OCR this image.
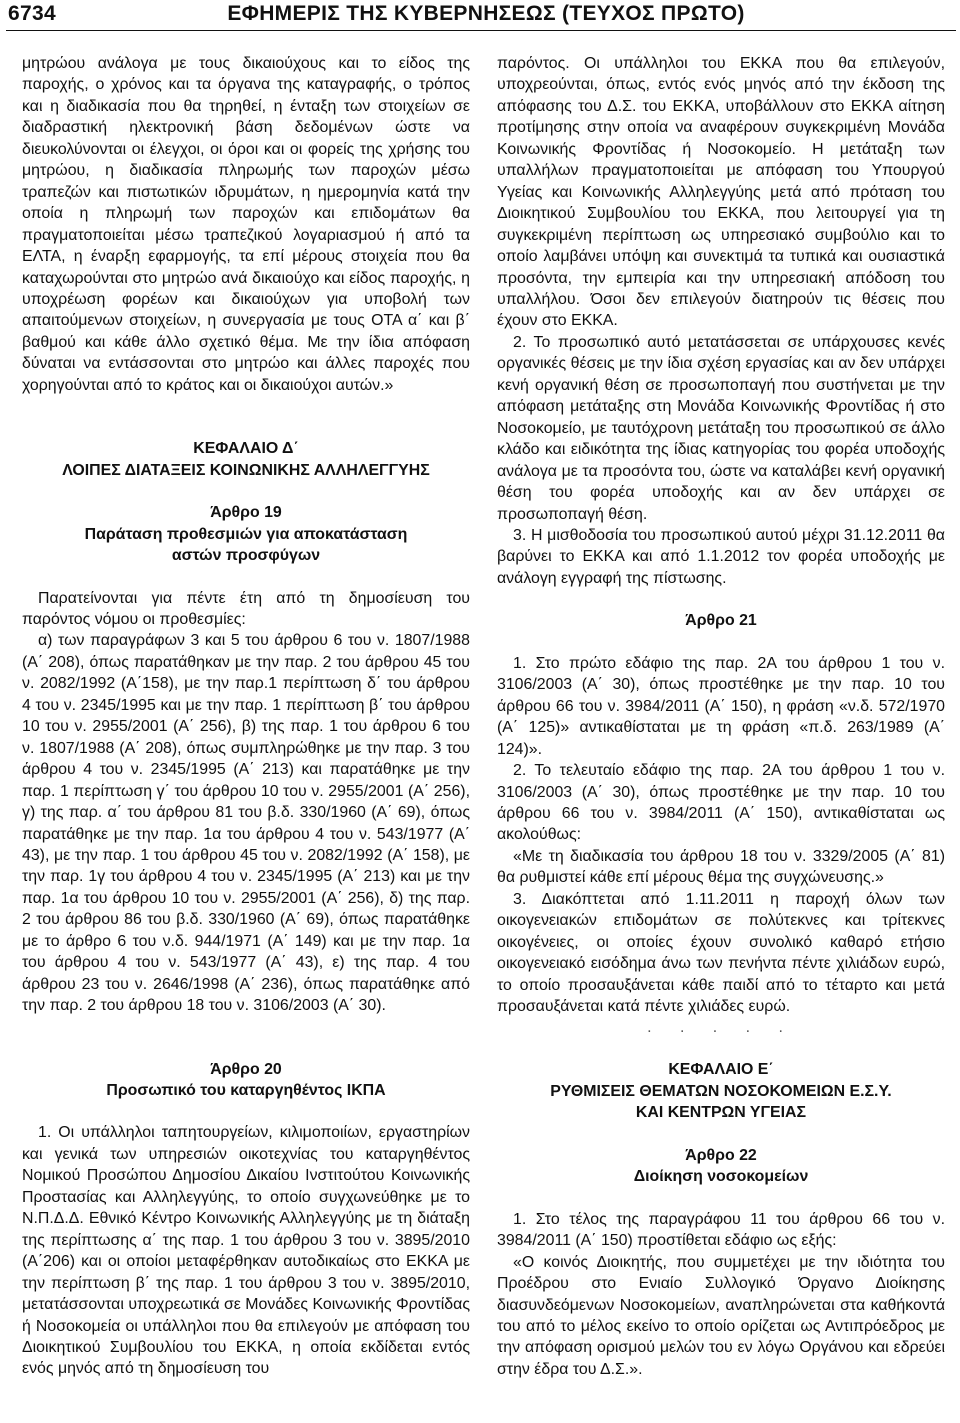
6734	ΕΦΗΜΕΡΙΣ ΤΗΣ ΚΥΒΕΡΝΗΣΕΩΣ (ΤΕΥΧΟΣ ΠΡΩΤΟ)

μητρώου ανάλογα με τους δικαιούχους και το είδος της παροχής, ο χρόνος και τα όργανα της καταγραφής, ο τρόπος και η διαδικασία που θα τηρηθεί, η ένταξη των στοιχείων σε διαδραστική ηλεκτρονική βάση δεδομένων ώστε να διευκολύνονται οι έλεγχοι, οι όροι και οι φορείς της χρήσης του μητρώου, η διαδικασία πληρωμής των παροχών μέσω τραπεζών και πιστωτικών ιδρυμάτων, η ημερομηνία κατά την οποία η πληρωμή των παροχών και επιδομάτων θα πραγματοποιείται μέσω τραπεζικού λογαριασμού ή από τα ΕΛΤΑ, η έναρξη εφαρμογής, τα επί μέρους στοιχεία που θα καταχωρούνται στο μητρώο ανά δικαιούχο και είδος παροχής, η υποχρέωση φορέων και δικαιούχων για υποβολή των απαιτούμενων στοιχείων, η συνεργασία με τους ΟΤΑ α΄ και β΄ βαθμού και κάθε άλλο σχετικό θέμα. Με την ίδια απόφαση δύναται να εντάσσονται στο μητρώο και άλλες παροχές που χορηγούνται από το κράτος και οι δικαιούχοι αυτών.»

ΚΕΦΑΛΑΙΟ Δ΄

ΛΟΙΠΕΣ ΔΙΑΤΑΞΕΙΣ ΚΟΙΝΩΝΙΚΗΣ ΑΛΛΗΛΕΓΓΥΗΣ

Άρθρο 19

Παράταση προθεσμιών για αποκατάσταση

αστών προσφύγων

Παρατείνονται για πέντε έτη από τη δημοσίευση του παρόντος νόμου οι προθεσμίες:

α) των παραγράφων 3 και 5 του άρθρου 6 του ν. 1807/1988 (Α΄ 208), όπως παρατάθηκαν με την παρ. 2 του άρθρου 45 του ν. 2082/1992 (Α΄158), με την παρ.1 περίπτωση δ΄ του άρθρου 4 του ν. 2345/1995 και με την παρ. 1 περίπτωση β΄ του άρθρου 10 του ν. 2955/2001 (Α΄ 256), β) της παρ. 1 του άρθρου 6 του ν. 1807/1988 (Α΄ 208), όπως συμπληρώθηκε με την παρ. 3 του άρθρου 4 του ν. 2345/1995 (Α΄ 213) και παρατάθηκε με την παρ. 1 περίπτωση γ΄ του άρθρου 10 του ν. 2955/2001 (Α΄ 256), γ) της παρ. α΄ του άρθρου 81 του β.δ. 330/1960 (Α΄ 69), όπως παρατάθηκε με την παρ. 1α του άρθρου 4 του ν. 543/1977 (Α΄ 43), με την παρ. 1 του άρθρου 45 του ν. 2082/1992 (Α΄ 158), με την παρ. 1γ του άρθρου 4 του ν. 2345/1995 (Α΄ 213) και με την παρ. 1α του άρθρου 10 του ν. 2955/2001 (Α΄ 256), δ) της παρ. 2 του άρθρου 86 του β.δ. 330/1960 (Α΄ 69), όπως παρατάθηκε με το άρθρο 6 του ν.δ. 944/1971 (Α΄ 149) και με την παρ. 1α του άρθρου 4 του ν. 543/1977 (Α΄ 43), ε) της παρ. 4 του άρθρου 23 του ν. 2646/1998 (Α΄ 236), όπως παρατάθηκε από την παρ. 2 του άρθρου 18 του ν. 3106/2003 (Α΄ 30).

Άρθρο 20

Προσωπικό του καταργηθέντος ΙΚΠΑ

1. Οι υπάλληλοι ταπητουργείων, κιλιμοποιίων, εργαστηρίων και γενικά των υπηρεσιών οικοτεχνίας του καταργηθέντος Νομικού Προσώπου Δημοσίου Δικαίου Ινστιτούτου Κοινωνικής Προστασίας και Αλληλεγγύης, το οποίο συγχωνεύθηκε με το Ν.Π.Δ.Δ. Εθνικό Κέντρο Κοινωνικής Αλληλεγγύης με τη διάταξη της περίπτωσης α΄ της παρ. 1 του άρθρου 3 του ν. 3895/2010 (Α΄206) και οι οποίοι μεταφέρθηκαν αυτοδικαίως στο ΕΚΚΑ με την περίπτωση β΄ της παρ. 1 του άρθρου 3 του ν. 3895/2010, μετατάσσονται υποχρεωτικά σε Μονάδες Κοινωνικής Φροντίδας ή Νοσοκομεία οι υπάλληλοι που θα επιλεγούν με απόφαση του Διοικητικού Συμβουλίου του ΕΚΚΑ, η οποία εκδίδεται εντός ενός μηνός από τη δημοσίευση του

παρόντος. Οι υπάλληλοι του ΕΚΚΑ που θα επιλεγούν, υποχρεούνται, όπως, εντός ενός μηνός από την έκδοση της απόφασης του Δ.Σ. του ΕΚΚΑ, υποβάλλουν στο ΕΚΚΑ αίτηση προτίμησης στην οποία να αναφέρουν συγκεκριμένη Μονάδα Κοινωνικής Φροντίδας ή Νοσοκομείο. Η μετάταξη των υπαλλήλων πραγματοποιείται με απόφαση του Υπουργού Υγείας και Κοινωνικής Αλληλεγγύης μετά από πρόταση του Διοικητικού Συμβουλίου του ΕΚΚΑ, που λειτουργεί για τη συγκεκριμένη περίπτωση ως υπηρεσιακό συμβούλιο και το οποίο λαμβάνει υπόψη και συνεκτιμά τα τυπικά και ουσιαστικά προσόντα, την εμπειρία και την υπηρεσιακή απόδοση του υπαλλήλου. Όσοι δεν επιλεγούν διατηρούν τις θέσεις που έχουν στο ΕΚΚΑ.

2. Το προσωπικό αυτό μετατάσσεται σε υπάρχουσες κενές οργανικές θέσεις με την ίδια σχέση εργασίας και αν δεν υπάρχει κενή οργανική θέση σε προσωποπαγή που συστήνεται με την απόφαση μετάταξης στη Μονάδα Κοινωνικής Φροντίδας ή στο Νοσοκομείο, με ταυτόχρονη μετάταξη του προσωπικού σε άλλο κλάδο και ειδικότητα της ίδιας κατηγορίας του φορέα υποδοχής ανάλογα με τα προσόντα του, ώστε να καταλάβει κενή οργανική θέση του φορέα υποδοχής και αν δεν υπάρχει σε προσωποπαγή θέση.

3. Η μισθοδοσία του προσωπικού αυτού μέχρι 31.12.2011 θα βαρύνει το ΕΚΚΑ και από 1.1.2012 τον φορέα υποδοχής με ανάλογη εγγραφή της πίστωσης.

Άρθρο 21

1. Στο πρώτο εδάφιο της παρ. 2Α του άρθρου 1 του ν. 3106/2003 (Α΄ 30), όπως προστέθηκε με την παρ. 10 του άρθρου 66 του ν. 3984/2011 (Α΄ 150), η φράση «ν.δ. 572/1970 (Α΄ 125)» αντικαθίσταται με τη φράση «π.δ. 263/1989 (Α΄ 124)».

2. Το τελευταίο εδάφιο της παρ. 2Α του άρθρου 1 του ν. 3106/2003 (Α΄ 30), όπως προστέθηκε με την παρ. 10 του άρθρου 66 του ν. 3984/2011 (Α΄ 150), αντικαθίσταται ως ακολούθως:

«Με τη διαδικασία του άρθρου 18 του ν. 3329/2005 (Α΄ 81) θα ρυθμιστεί κάθε επί μέρους θέμα της συγχώνευσης.»

3. Διακόπτεται από 1.11.2011 η παροχή όλων των οικογενειακών επιδομάτων σε πολύτεκνες και τρίτεκνες οικογένειες, οι οποίες έχουν συνολικό καθαρό ετήσιο οικογενειακό εισόδημα άνω των πενήντα πέντε χιλιάδων ευρώ, το οποίο προσαυξάνεται κάθε παιδί από το τέταρτο και μετά προσαυξάνεται κατά πέντε χιλιάδες ευρώ.

. . . . .

ΚΕΦΑΛΑΙΟ Ε΄

ΡΥΘΜΙΣΕΙΣ ΘΕΜΑΤΩΝ ΝΟΣΟΚΟΜΕΙΩΝ Ε.Σ.Υ.

ΚΑΙ ΚΕΝΤΡΩΝ ΥΓΕΙΑΣ

Άρθρο 22

Διοίκηση νοσοκομείων

1. Στο τέλος της παραγράφου 11 του άρθρου 66 του ν. 3984/2011 (Α΄ 150) προστίθεται εδάφιο ως εξής:

«Ο κοινός Διοικητής, που συμμετέχει με την ιδιότητα του Προέδρου στο Ενιαίο Συλλογικό Όργανο Διοίκησης διασυνδεόμενων Νοσοκομείων, αναπληρώνεται στα καθήκοντά του από το μέλος εκείνο το οποίο ορίζεται ως Αντιπρόεδρος με την απόφαση ορισμού μελών του εν λόγω Οργάνου και εδρεύει στην έδρα του Δ.Σ.».
